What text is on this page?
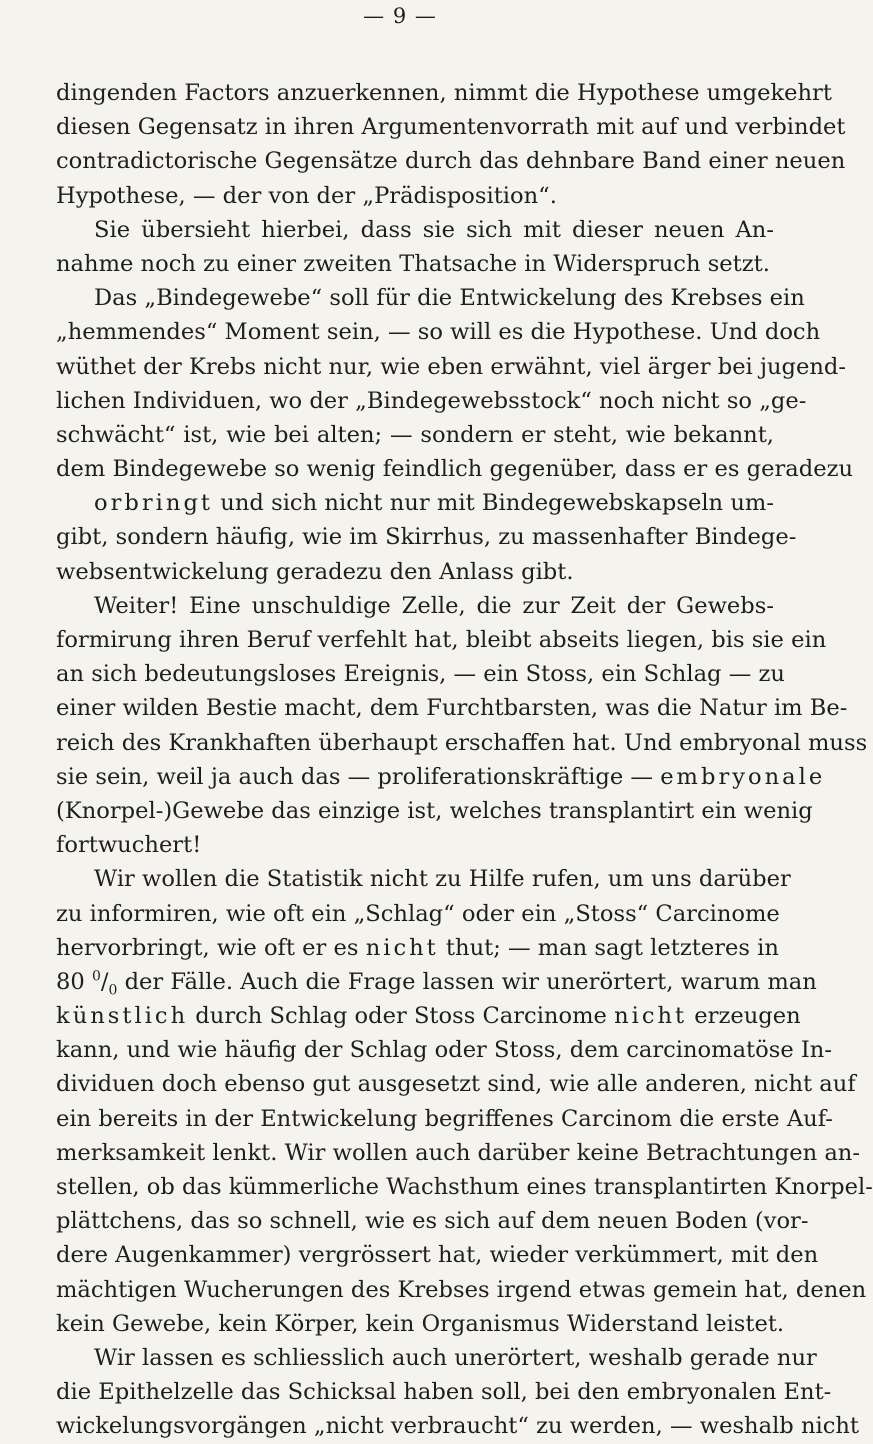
— 9 —
dingenden Factors anzuerkennen, nimmt die Hypothese umgekehrt
diesen Gegensatz in ihren Argumentenvorrath mit auf und verbindet
contradictorische Gegensätze durch das dehnbare Band einer neuen
Hypothese, — der von der „Prädisposition“.
Sie übersieht hierbei, dass sie sich mit dieser neuen An-
nahme noch zu einer zweiten Thatsache in Widerspruch setzt.
Das „Bindegewebe“ soll für die Entwickelung des Krebses ein
„hemmendes“ Moment sein, — so will es die Hypothese. Und doch
wüthet der Krebs nicht nur, wie eben erwähnt, viel ärger bei jugend-
lichen Individuen, wo der „Bindegewebsstock“ noch nicht so „ge-
schwächt“ ist, wie bei alten; — sondern er steht, wie bekannt,
dem Bindegewebe so wenig feindlich gegenüber, dass er es geradezu
orbringt und sich nicht nur mit Bindegewebskapseln um-
gibt, sondern häufig, wie im Skirrhus, zu massenhafter Bindege-
websentwickelung geradezu den Anlass gibt.
Weiter! Eine unschuldige Zelle, die zur Zeit der Gewebs-
formirung ihren Beruf verfehlt hat, bleibt abseits liegen, bis sie ein
an sich bedeutungsloses Ereignis, — ein Stoss, ein Schlag — zu
einer wilden Bestie macht, dem Furchtbarsten, was die Natur im Be-
reich des Krankhaften überhaupt erschaffen hat. Und embryonal muss
sie sein, weil ja auch das — proliferationskräftige — embryonale
(Knorpel-)Gewebe das einzige ist, welches transplantirt ein wenig
fortwuchert!
Wir wollen die Statistik nicht zu Hilfe rufen, um uns darüber
zu informiren, wie oft ein „Schlag“ oder ein „Stoss“ Carcinome
hervorbringt, wie oft er es nicht thut; — man sagt letzteres in
80 $^0/_0$ der Fälle. Auch die Frage lassen wir unerörtert, warum man
künstlich durch Schlag oder Stoss Carcinome nicht erzeugen
kann, und wie häufig der Schlag oder Stoss, dem carcinomatöse In-
dividuen doch ebenso gut ausgesetzt sind, wie alle anderen, nicht auf
ein bereits in der Entwickelung begriffenes Carcinom die erste Auf-
merksamkeit lenkt. Wir wollen auch darüber keine Betrachtungen an-
stellen, ob das kümmerliche Wachsthum eines transplantirten Knorpel-
plättchens, das so schnell, wie es sich auf dem neuen Boden (vor-
dere Augenkammer) vergrössert hat, wieder verkümmert, mit den
mächtigen Wucherungen des Krebses irgend etwas gemein hat, denen
kein Gewebe, kein Körper, kein Organismus Widerstand leistet.
Wir lassen es schliesslich auch unerörtert, weshalb gerade nur
die Epithelzelle das Schicksal haben soll, bei den embryonalen Ent-
wickelungsvorgängen „nicht verbraucht“ zu werden, — weshalb nicht
